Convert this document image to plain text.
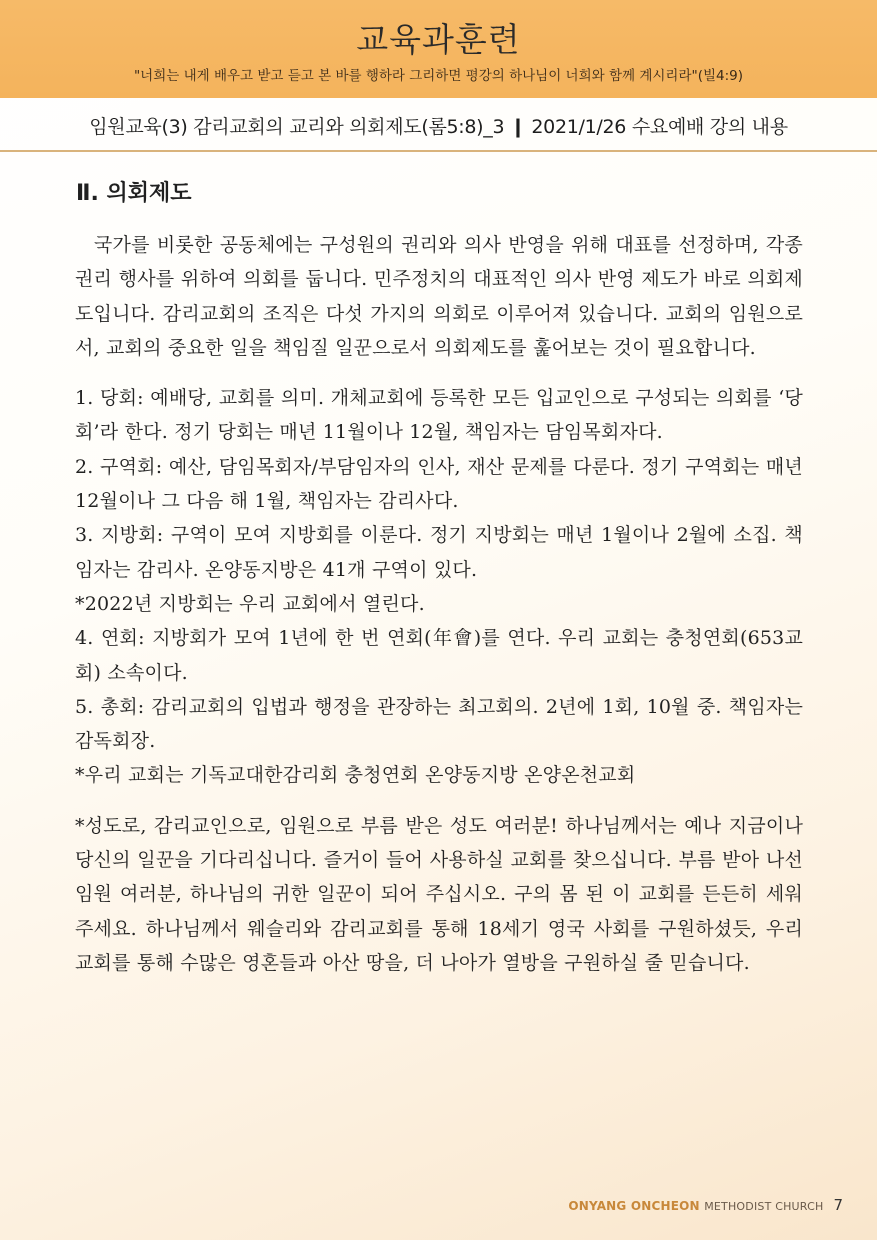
교육과훈련
"너희는 내게 배우고 받고 듣고 본 바를 행하라 그리하면 평강의 하나님이 너희와 함께 계시리라"(빌4:9)
임원교육(3) 감리교회의 교리와 의회제도(롬5:8)_3 ❙ 2021/1/26 수요예배 강의 내용
Ⅱ. 의회제도

국가를 비롯한 공동체에는 구성원의 권리와 의사 반영을 위해 대표를 선정하며, 각종 권리 행사를 위하여 의회를 둡니다. 민주정치의 대표적인 의사 반영 제도가 바로 의회제도입니다. 감리교회의 조직은 다섯 가지의 의회로 이루어져 있습니다. 교회의 임원으로서, 교회의 중요한 일을 책임질 일꾼으로서 의회제도를 훑어보는 것이 필요합니다.

1. 당회: 예배당, 교회를 의미. 개체교회에 등록한 모든 입교인으로 구성되는 의회를 ‘당회’라 한다. 정기 당회는 매년 11월이나 12월, 책임자는 담임목회자다.

2. 구역회: 예산, 담임목회자/부담임자의 인사, 재산 문제를 다룬다. 정기 구역회는 매년 12월이나 그 다음 해 1월, 책임자는 감리사다.

3. 지방회: 구역이 모여 지방회를 이룬다. 정기 지방회는 매년 1월이나 2월에 소집. 책임자는 감리사. 온양동지방은 41개 구역이 있다.

*2022년 지방회는 우리 교회에서 열린다.

4. 연회: 지방회가 모여 1년에 한 번 연회(年會)를 연다. 우리 교회는 충청연회(653교회) 소속이다.

5. 총회: 감리교회의 입법과 행정을 관장하는 최고회의. 2년에 1회, 10월 중. 책임자는 감독회장.

*우리 교회는 기독교대한감리회 충청연회 온양동지방 온양온천교회

*성도로, 감리교인으로, 임원으로 부름 받은 성도 여러분! 하나님께서는 예나 지금이나 당신의 일꾼을 기다리십니다. 즐거이 들어 사용하실 교회를 찾으십니다. 부름 받아 나선 임원 여러분, 하나님의 귀한 일꾼이 되어 주십시오. 구의 몸 된 이 교회를 든든히 세워 주세요. 하나님께서 웨슬리와 감리교회를 통해 18세기 영국 사회를 구원하셨듯, 우리 교회를 통해 수많은 영혼들과 아산 땅을, 더 나아가 열방을 구원하실 줄 믿습니다.

ONYANG ONCHEON METHODIST CHURCH 7
